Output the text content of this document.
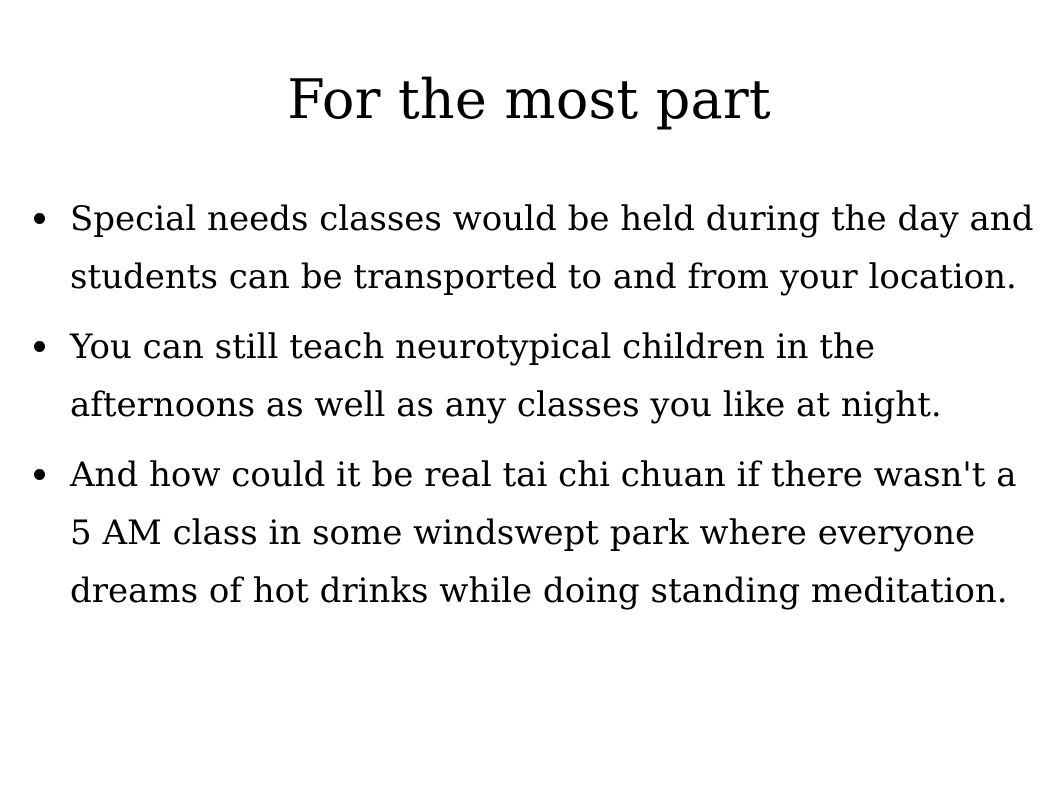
For the most part
Special needs classes would be held during the day and students can be transported to and from your location.
You can still teach neurotypical children in the afternoons as well as any classes you like at night.
And how could it be real tai chi chuan if there wasn't a 5 AM class in some windswept park where everyone dreams of hot drinks while doing standing meditation.
